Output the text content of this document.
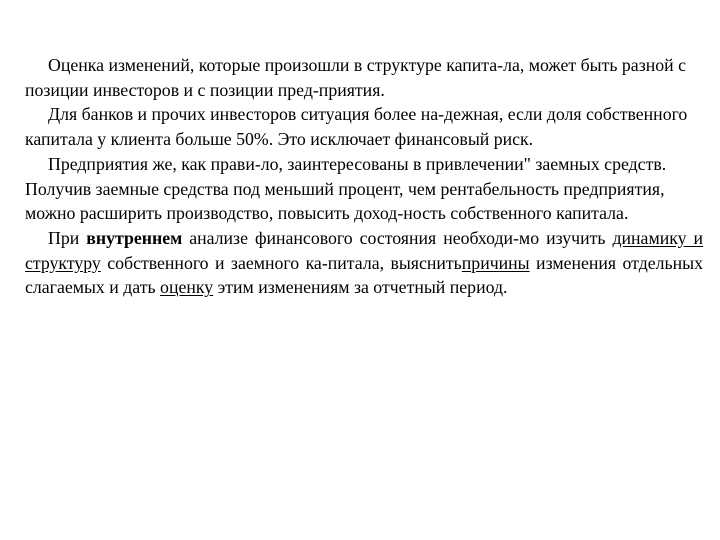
Оценка изменений, которые произошли в структуре капита-ла, может быть разной с позиции инвесторов и с позиции пред-приятия.

Для банков и прочих инвесторов ситуация более на-дежная, если доля собственного капитала у клиента больше 50%. Это исключает финансовый риск.

Предприятия же, как прави-ло, заинтересованы в привлечении" заемных средств. Получив заемные средства под меньший процент, чем рентабельность предприятия, можно расширить производство, повысить доход-ность собственного капитала.

При внутреннем анализе финансового состояния необходи-мо изучить динамику и структуру собственного и заемного ка-питала, выяснитьпричины изменения отдельных слагаемых и дать оценку этим изменениям за отчетный период.
